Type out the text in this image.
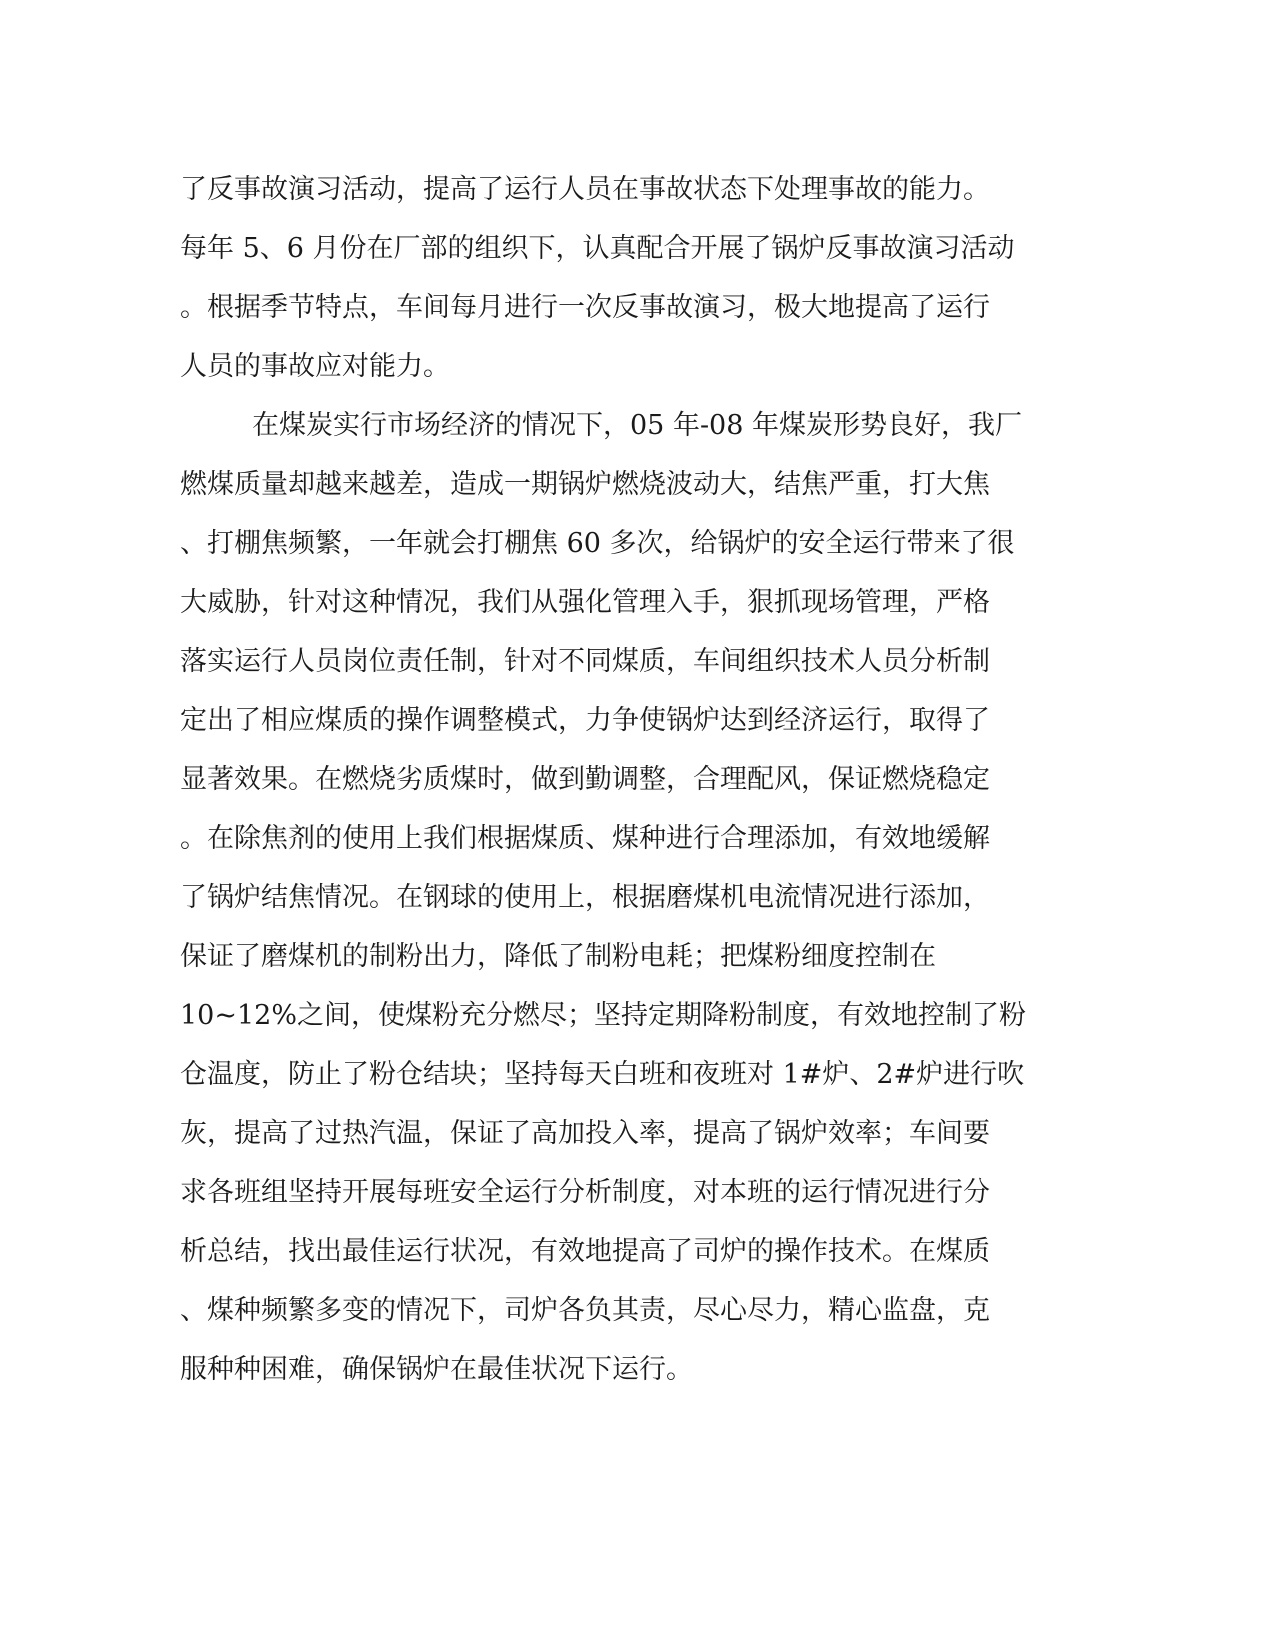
了反事故演习活动，提高了运行人员在事故状态下处理事故的能力。
每年 5、6 月份在厂部的组织下，认真配合开展了锅炉反事故演习活动
。根据季节特点，车间每月进行一次反事故演习，极大地提高了运行
人员的事故应对能力。
在煤炭实行市场经济的情况下，05 年-08 年煤炭形势良好，我厂
燃煤质量却越来越差，造成一期锅炉燃烧波动大，结焦严重，打大焦
、打棚焦频繁，一年就会打棚焦 60 多次，给锅炉的安全运行带来了很
大威胁，针对这种情况，我们从强化管理入手，狠抓现场管理，严格
落实运行人员岗位责任制，针对不同煤质，车间组织技术人员分析制
定出了相应煤质的操作调整模式，力争使锅炉达到经济运行，取得了
显著效果。在燃烧劣质煤时，做到勤调整，合理配风，保证燃烧稳定
。在除焦剂的使用上我们根据煤质、煤种进行合理添加，有效地缓解
了锅炉结焦情况。在钢球的使用上，根据磨煤机电流情况进行添加，
保证了磨煤机的制粉出力，降低了制粉电耗；把煤粉细度控制在
10~12%之间，使煤粉充分燃尽；坚持定期降粉制度，有效地控制了粉
仓温度，防止了粉仓结块；坚持每天白班和夜班对 1#炉、2#炉进行吹
灰，提高了过热汽温，保证了高加投入率，提高了锅炉效率；车间要
求各班组坚持开展每班安全运行分析制度，对本班的运行情况进行分
析总结，找出最佳运行状况，有效地提高了司炉的操作技术。在煤质
、煤种频繁多变的情况下，司炉各负其责，尽心尽力，精心监盘，克
服种种困难，确保锅炉在最佳状况下运行。
